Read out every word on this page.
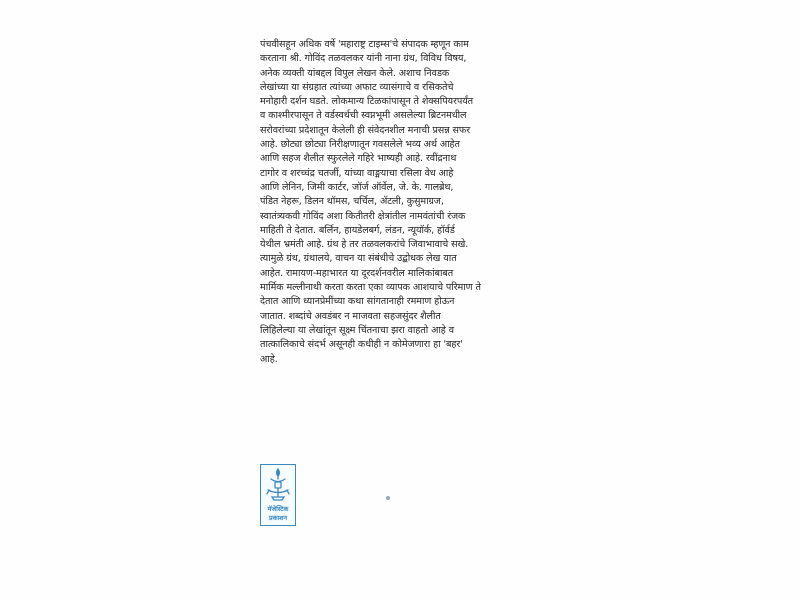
पंचवीसहून अधिक वर्षे 'महाराष्ट्र टाइम्स'चे संपादक म्हणून काम
करताना श्री. गोविंद तळवलकर यांनी नाना ग्रंथ, विविध विषय,
अनेक व्यक्ती यांबद्दल विपुल लेखन केले. अशाच निवडक
लेखांच्या या संग्रहात त्यांच्या अफाट व्यासंगाचे व रसिकतेचे
मनोहारी दर्शन घडते. लोकमान्य टिळकांपासून ते शेक्सपियरपर्यंत
व काश्मीरपासून ते वर्डस्वर्थची स्वप्नभूमी असलेल्या ब्रिटनमधील
सरोवरांच्या प्रदेशातून केलेली ही संवेदनशील मनाची प्रसन्न सफर
आहे. छोट्या छोट्या निरीक्षणातून गवसलेले भव्य अर्थ आहेत
आणि सहज शैलीत स्फुरलेले गहिरे भाष्यही आहे. रवींद्रनाथ
टागोर व शरच्चंद्र चतर्जी, यांच्या वाङ्मयाचा रसिला वेध आहे
आणि लेनिन, जिमी कार्टर, जॉर्ज ऑर्वेल, जे. के. गालब्रेथ,
पंडित नेहरू, डिलन थॉमस, चर्चिल, ॲटली, कुसुमाग्रज,
स्वातंत्र्यकवी गोविंद अशा कितीतरी क्षेत्रांतील नामवंतांची रंजक
माहिती ते देतात. बर्लिन, हायडेलबर्ग, लंडन, न्यूयॉर्क, हॉर्वर्ड
येथील भ्रमंती आहे. ग्रंथ हे तर तळवलकरांचे जिवाभावाचे सखे.
त्यामुळे ग्रंथ, ग्रंथालये, वाचन या संबंधीचे उद्बोधक लेख यात
आहेत. रामायण-महाभारत या दूरदर्शनवरील मालिकांबाबत
मार्मिक मल्लीनाथी करता करता एका व्यापक आशयाचे परिमाण ते
देतात आणि ध्यानप्रेमींच्या कथा सांगतानाही रममाण होऊन
जातात. शब्दांचे अवडंबर न माजवता सहजसुंदर शैलीत
लिहिलेल्या या लेखांतून सूक्ष्म चिंतनाचा झरा वाहतो आहे व
तात्कालिकाचे संदर्भ असूनही कधीही न कोमेजणारा हा 'बहर'
आहे.
मॅजेस्टिक
प्रकाशन
